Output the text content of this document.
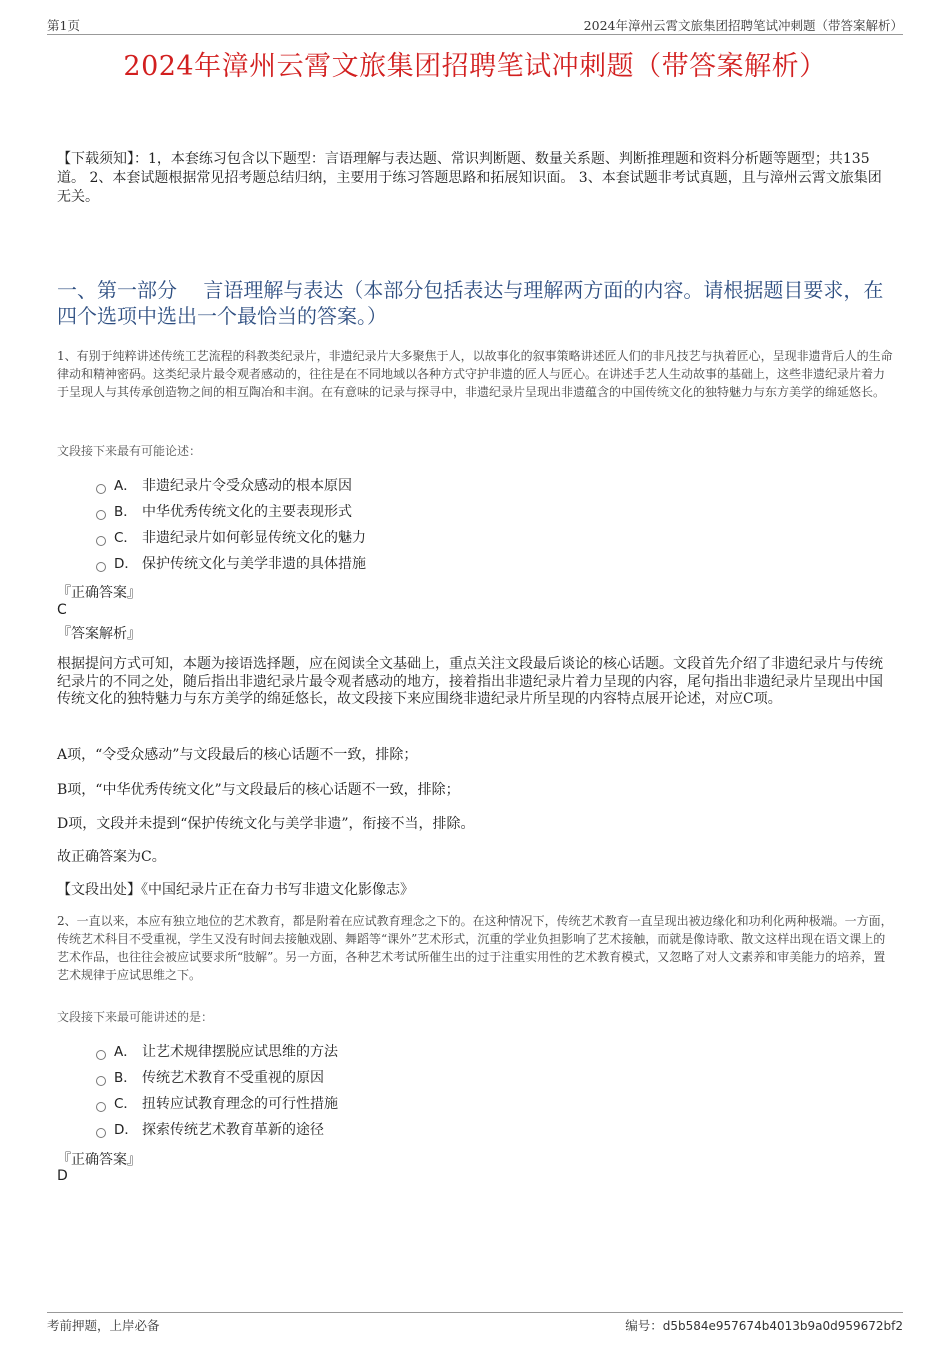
第1页	2024年漳州云霄文旅集团招聘笔试冲刺题（带答案解析）
2024年漳州云霄文旅集团招聘笔试冲刺题（带答案解析）
【下载须知】：1，本套练习包含以下题型：言语理解与表达题、常识判断题、数量关系题、判断推理题和资料分析题等题型；共135道。 2、本套试题根据常见招考题总结归纳，主要用于练习答题思路和拓展知识面。 3、本套试题非考试真题，且与漳州云霄文旅集团无关。
一、第一部分　 言语理解与表达（本部分包括表达与理解两方面的内容。请根据题目要求，在四个选项中选出一个最恰当的答案。）
1、有别于纯粹讲述传统工艺流程的科教类纪录片，非遗纪录片大多聚焦于人，以故事化的叙事策略讲述匠人们的非凡技艺与执着匠心，呈现非遗背后人的生命律动和精神密码。这类纪录片最令观者感动的，往往是在不同地域以各种方式守护非遗的匠人与匠心。在讲述手艺人生动故事的基础上，这些非遗纪录片着力于呈现人与其传承创造物之间的相互陶冶和丰润。在有意味的记录与探寻中，非遗纪录片呈现出非遗蕴含的中国传统文化的独特魅力与东方美学的绵延悠长。
文段接下来最有可能论述：
A． 非遗纪录片令受众感动的根本原因
B． 中华优秀传统文化的主要表现形式
C． 非遗纪录片如何彰显传统文化的魅力
D． 保护传统文化与美学非遗的具体措施
『正确答案』
C
『答案解析』
根据提问方式可知，本题为接语选择题，应在阅读全文基础上，重点关注文段最后谈论的核心话题。文段首先介绍了非遗纪录片与传统纪录片的不同之处，随后指出非遗纪录片最令观者感动的地方，接着指出非遗纪录片着力呈现的内容，尾句指出非遗纪录片呈现出中国传统文化的独特魅力与东方美学的绵延悠长，故文段接下来应围绕非遗纪录片所呈现的内容特点展开论述，对应C项。
A项，“令受众感动”与文段最后的核心话题不一致，排除；
B项，“中华优秀传统文化”与文段最后的核心话题不一致，排除；
D项，文段并未提到“保护传统文化与美学非遗”，衔接不当，排除。
故正确答案为C。
【文段出处】《中国纪录片正在奋力书写非遗文化影像志》
2、一直以来，本应有独立地位的艺术教育，都是附着在应试教育理念之下的。在这种情况下，传统艺术教育一直呈现出被边缘化和功利化两种极端。一方面，传统艺术科目不受重视，学生又没有时间去接触戏剧、舞蹈等“课外”艺术形式，沉重的学业负担影响了艺术接触，而就是像诗歌、散文这样出现在语文课上的艺术作品，也往往会被应试要求所“肢解”。另一方面，各种艺术考试所催生出的过于注重实用性的艺术教育模式，又忽略了对人文素养和审美能力的培养，置艺术规律于应试思维之下。
文段接下来最可能讲述的是：
A． 让艺术规律摆脱应试思维的方法
B． 传统艺术教育不受重视的原因
C． 扭转应试教育理念的可行性措施
D． 探索传统艺术教育革新的途径
『正确答案』
D
考前押题，上岸必备	编号：d5b584e957674b4013b9a0d959672bf2
